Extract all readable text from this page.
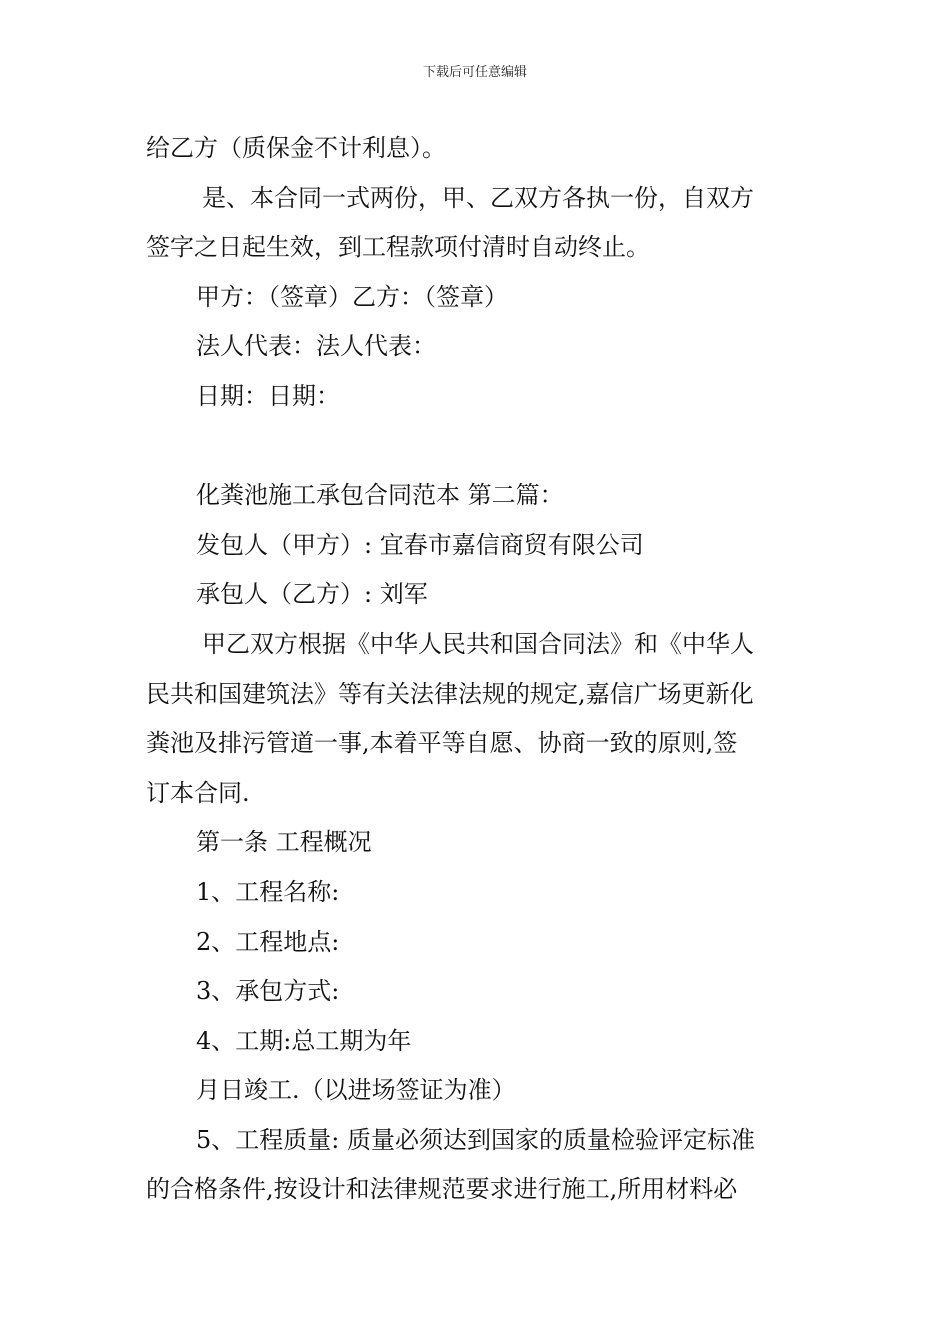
下载后可任意编辑
给乙方（质保金不计利息）。
是、本合同一式两份，甲、乙双方各执一份，自双方
签字之日起生效，到工程款项付清时自动终止。
甲方：（签章）乙方：（签章）
法人代表：法人代表：
日期：日期：
化粪池施工承包合同范本 第二篇：
发包人（甲方）: 宜春市嘉信商贸有限公司
承包人（乙方）: 刘军
甲乙双方根据《中华人民共和国合同法》和《中华人
民共和国建筑法》等有关法律法规的规定,嘉信广场更新化
粪池及排污管道一事,本着平等自愿、协商一致的原则,签
订本合同.
第一条 工程概况
1、工程名称:
2、工程地点:
3、承包方式:
4、工期:总工期为年
月日竣工.（以进场签证为准）
5、工程质量: 质量必须达到国家的质量检验评定标准
的合格条件,按设计和法律规范要求进行施工,所用材料必
